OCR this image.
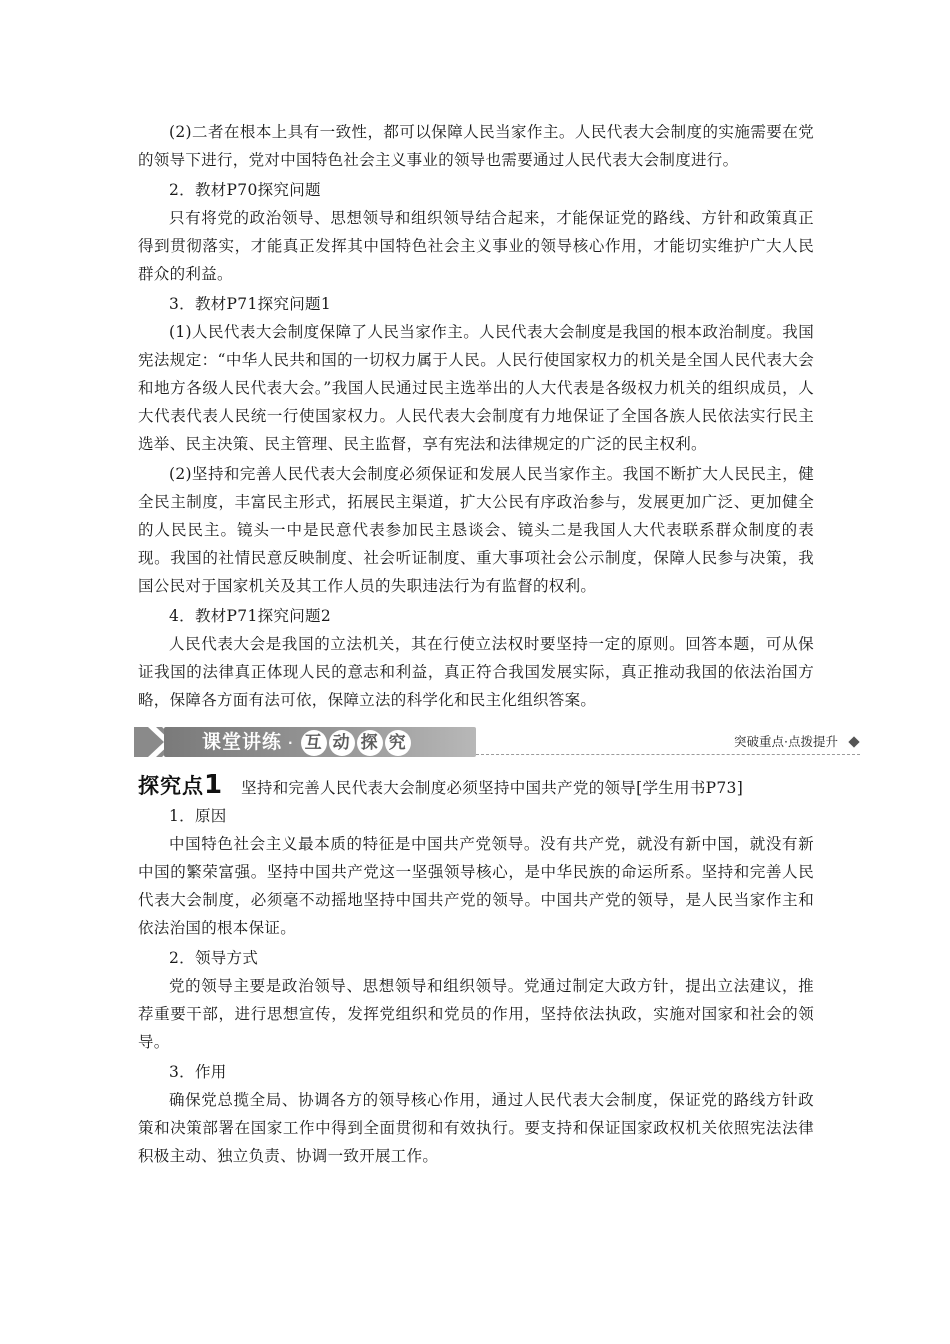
(2)二者在根本上具有一致性，都可以保障人民当家作主。人民代表大会制度的实施需要在党的领导下进行，党对中国特色社会主义事业的领导也需要通过人民代表大会制度进行。

2．教材P70探究问题

只有将党的政治领导、思想领导和组织领导结合起来，才能保证党的路线、方针和政策真正得到贯彻落实，才能真正发挥其中国特色社会主义事业的领导核心作用，才能切实维护广大人民群众的利益。

3．教材P71探究问题1

(1)人民代表大会制度保障了人民当家作主。人民代表大会制度是我国的根本政治制度。我国宪法规定：“中华人民共和国的一切权力属于人民。人民行使国家权力的机关是全国人民代表大会和地方各级人民代表大会。”我国人民通过民主选举出的人大代表是各级权力机关的组织成员，人大代表代表人民统一行使国家权力。人民代表大会制度有力地保证了全国各族人民依法实行民主选举、民主决策、民主管理、民主监督，享有宪法和法律规定的广泛的民主权利。

(2)坚持和完善人民代表大会制度必须保证和发展人民当家作主。我国不断扩大人民民主，健全民主制度，丰富民主形式，拓展民主渠道，扩大公民有序政治参与，发展更加广泛、更加健全的人民民主。镜头一中是民意代表参加民主恳谈会、镜头二是我国人大代表联系群众制度的表现。我国的社情民意反映制度、社会听证制度、重大事项社会公示制度，保障人民参与决策，我国公民对于国家机关及其工作人员的失职违法行为有监督的权利。

4．教材P71探究问题2

人民代表大会是我国的立法机关，其在行使立法权时要坚持一定的原则。回答本题，可从保证我国的法律真正体现人民的意志和利益，真正符合我国发展实际，真正推动我国的依法治国方略，保障各方面有法可依，保障立法的科学化和民主化组织答案。

课堂讲练 · 互 动 探 究	突破重点·点拨提升
探究点1 坚持和完善人民代表大会制度必须坚持中国共产党的领导[学生用书P73]

1．原因

中国特色社会主义最本质的特征是中国共产党领导。没有共产党，就没有新中国，就没有新中国的繁荣富强。坚持中国共产党这一坚强领导核心，是中华民族的命运所系。坚持和完善人民代表大会制度，必须毫不动摇地坚持中国共产党的领导。中国共产党的领导，是人民当家作主和依法治国的根本保证。

2．领导方式

党的领导主要是政治领导、思想领导和组织领导。党通过制定大政方针，提出立法建议，推荐重要干部，进行思想宣传，发挥党组织和党员的作用，坚持依法执政，实施对国家和社会的领导。

3．作用

确保党总揽全局、协调各方的领导核心作用，通过人民代表大会制度，保证党的路线方针政策和决策部署在国家工作中得到全面贯彻和有效执行。要支持和保证国家政权机关依照宪法法律积极主动、独立负责、协调一致开展工作。
